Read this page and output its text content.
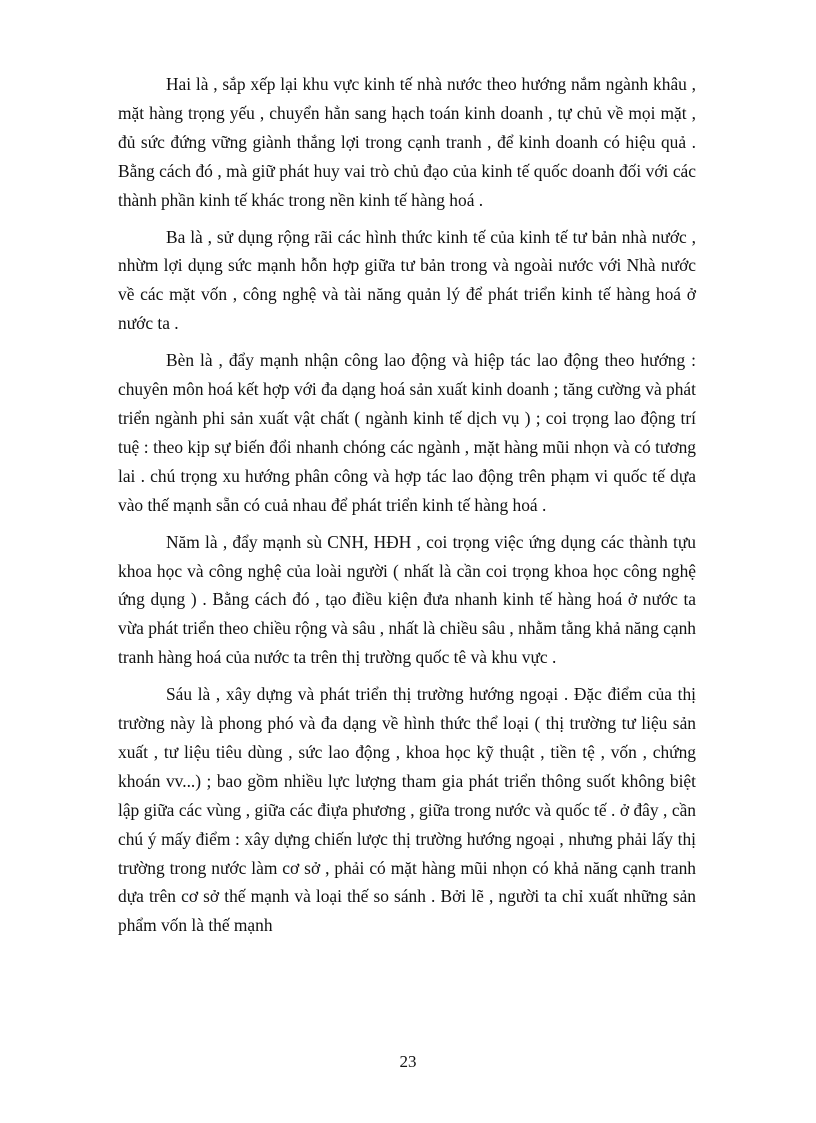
Hai là , sắp xếp lại khu vực kinh tế nhà nước theo hướng nắm ngành khâu , mặt hàng trọng yếu , chuyển hẳn sang hạch toán kinh doanh , tự chủ về mọi mặt , đủ sức đứng vững giành thắng lợi trong cạnh tranh , để kinh doanh có hiệu quả . Bằng cách đó , mà giữ phát huy vai trò chủ đạo của kinh tế quốc doanh đối với các thành phần kinh tế khác trong nền kinh tế hàng hoá .

Ba là , sử dụng rộng rãi các hình thức kinh tế của kinh tế tư bản nhà nước , nhừm lợi dụng sức mạnh hỗn hợp giữa tư bản trong và ngoài nước với Nhà nước về các mặt vốn , công nghệ và tài năng quản lý để phát triển kinh tế hàng hoá ở nước ta .

Bèn là , đẩy mạnh nhận công lao động và hiệp tác lao động theo hướng : chuyên môn hoá kết hợp với đa dạng hoá sản xuất kinh doanh ; tăng cường và phát triển ngành phi sản xuất vật chất ( ngành kinh tế dịch vụ ) ; coi trọng lao động trí tuệ : theo kịp sự biến đổi nhanh chóng các ngành , mặt hàng mũi nhọn và có tương lai . chú trọng xu hướng phân công và hợp tác lao động trên phạm vi quốc tế dựa vào thế mạnh sẵn có cuả nhau để phát triển kinh tế hàng hoá .

Năm là , đẩy mạnh sù CNH, HĐH , coi trọng việc ứng dụng các thành tựu khoa học và công nghệ của loài người ( nhất là cần coi trọng khoa học công nghệ ứng dụng ) . Bằng cách đó , tạo điều kiện đưa nhanh kinh tế hàng hoá ở nước ta vừa phát triển theo chiều rộng và sâu , nhất là chiều sâu , nhằm tằng khả năng cạnh tranh hàng hoá của nước ta trên thị trường quốc tê và khu vực .

Sáu là , xây dựng và phát triển thị trường hướng ngoại . Đặc điểm của thị trường này là phong phó và đa dạng về hình thức thể loại ( thị trường tư liệu sản xuất , tư liệu tiêu dùng , sức lao động , khoa học kỹ thuật , tiền tệ , vốn , chứng khoán vv...) ; bao gồm nhiều lực lượng tham gia phát triển thông suốt không biệt lập giữa các vùng , giữa các điựa phương , giữa trong nước và quốc tế . ở đây , cần chú ý mấy điểm : xây dựng chiến lược thị trường hướng ngoại , nhưng phải lấy thị trường trong nước làm cơ sở , phải có mặt hàng mũi nhọn có khả năng cạnh tranh dựa trên cơ sở thế mạnh và loại thế so sánh . Bởi lẽ , người ta chỉ xuất những sản phẩm vốn là thế mạnh

23
